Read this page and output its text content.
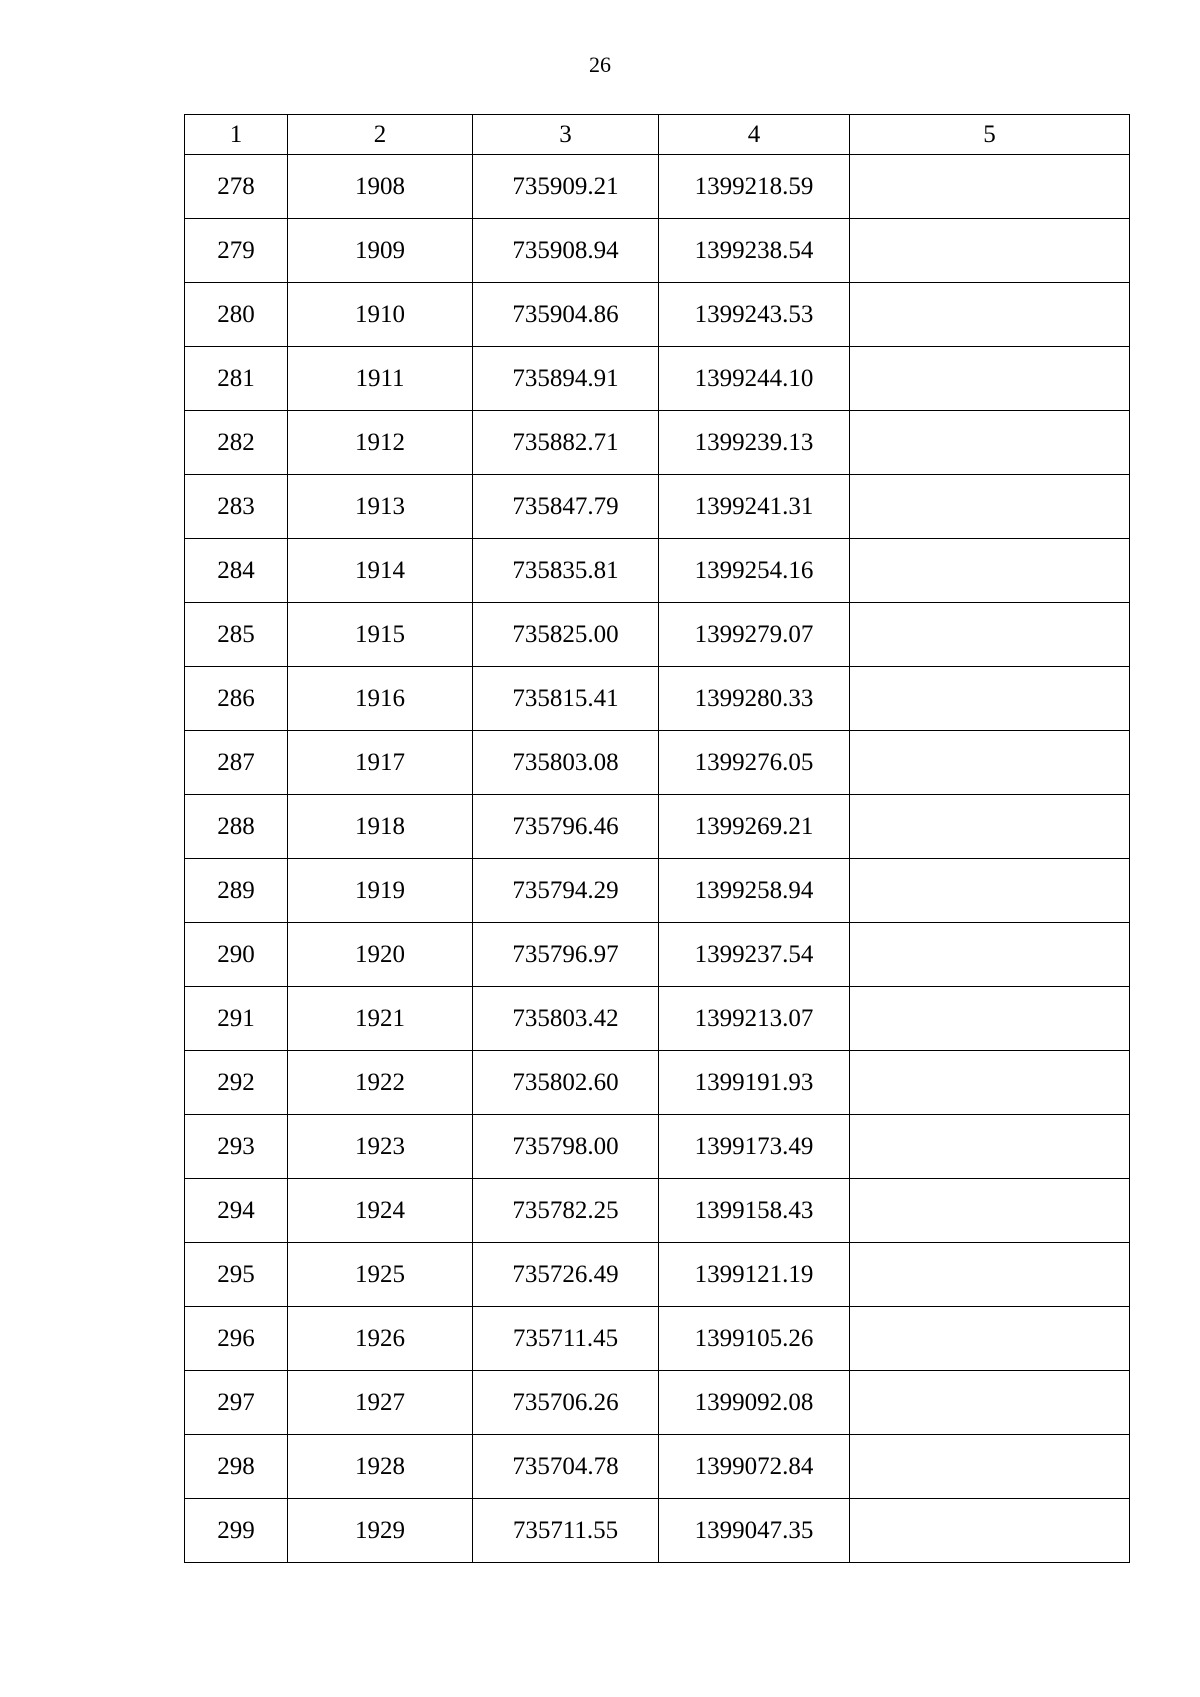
26
1	2	3	4	5
278	1908	735909.21	1399218.59	
279	1909	735908.94	1399238.54	
280	1910	735904.86	1399243.53	
281	1911	735894.91	1399244.10	
282	1912	735882.71	1399239.13	
283	1913	735847.79	1399241.31	
284	1914	735835.81	1399254.16	
285	1915	735825.00	1399279.07	
286	1916	735815.41	1399280.33	
287	1917	735803.08	1399276.05	
288	1918	735796.46	1399269.21	
289	1919	735794.29	1399258.94	
290	1920	735796.97	1399237.54	
291	1921	735803.42	1399213.07	
292	1922	735802.60	1399191.93	
293	1923	735798.00	1399173.49	
294	1924	735782.25	1399158.43	
295	1925	735726.49	1399121.19	
296	1926	735711.45	1399105.26	
297	1927	735706.26	1399092.08	
298	1928	735704.78	1399072.84	
299	1929	735711.55	1399047.35	
